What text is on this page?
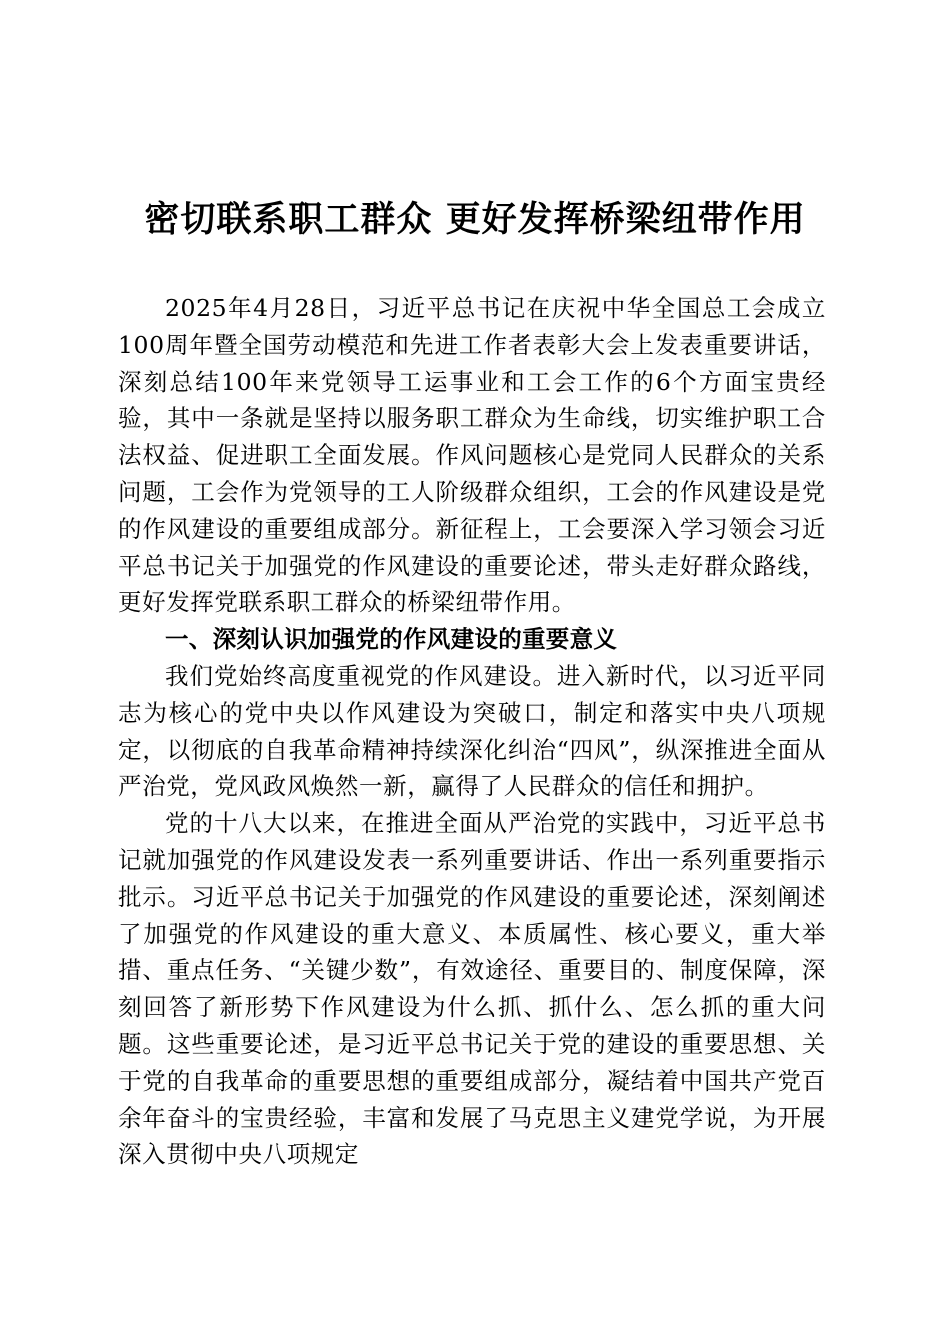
密切联系职工群众 更好发挥桥梁纽带作用

2025年4月28日，习近平总书记在庆祝中华全国总工会成立100周年暨全国劳动模范和先进工作者表彰大会上发表重要讲话，深刻总结100年来党领导工运事业和工会工作的6个方面宝贵经验，其中一条就是坚持以服务职工群众为生命线，切实维护职工合法权益、促进职工全面发展。作风问题核心是党同人民群众的关系问题，工会作为党领导的工人阶级群众组织，工会的作风建设是党的作风建设的重要组成部分。新征程上，工会要深入学习领会习近平总书记关于加强党的作风建设的重要论述，带头走好群众路线，更好发挥党联系职工群众的桥梁纽带作用。

一、深刻认识加强党的作风建设的重要意义

我们党始终高度重视党的作风建设。进入新时代，以习近平同志为核心的党中央以作风建设为突破口，制定和落实中央八项规定，以彻底的自我革命精神持续深化纠治“四风”，纵深推进全面从严治党，党风政风焕然一新，赢得了人民群众的信任和拥护。

党的十八大以来，在推进全面从严治党的实践中，习近平总书记就加强党的作风建设发表一系列重要讲话、作出一系列重要指示批示。习近平总书记关于加强党的作风建设的重要论述，深刻阐述了加强党的作风建设的重大意义、本质属性、核心要义，重大举措、重点任务、“关键少数”，有效途径、重要目的、制度保障，深刻回答了新形势下作风建设为什么抓、抓什么、怎么抓的重大问题。这些重要论述，是习近平总书记关于党的建设的重要思想、关于党的自我革命的重要思想的重要组成部分，凝结着中国共产党百余年奋斗的宝贵经验，丰富和发展了马克思主义建党学说，为开展深入贯彻中央八项规定
